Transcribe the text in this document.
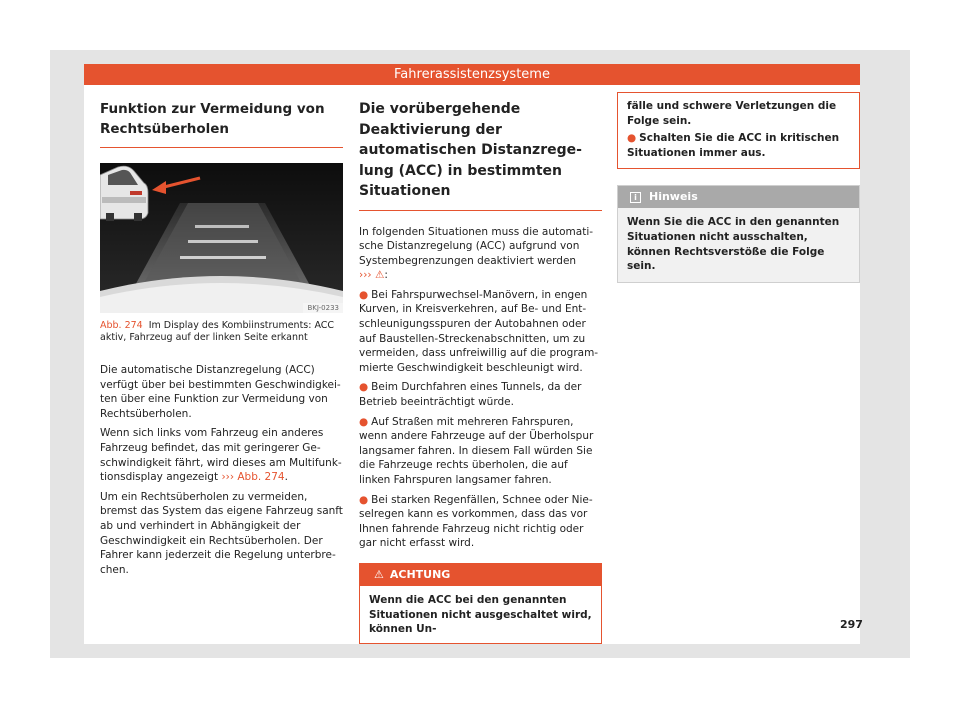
Fahrerassistenzsysteme
Funktion zur Vermeidung von Rechtsüberholen
BKJ-0233
Abb. 274 Im Display des Kombiinstruments: ACC aktiv, Fahrzeug auf der linken Seite erkannt

Die automatische Distanzregelung (ACC) verfügt über bei bestimmten Geschwindigkeiten über eine Funktion zur Vermeidung von Rechtsüberholen.

Wenn sich links vom Fahrzeug ein anderes Fahrzeug befindet, das mit geringerer Geschwindigkeit fährt, wird dieses am Multifunktionsdisplay angezeigt ››› Abb. 274.

Um ein Rechtsüberholen zu vermeiden, bremst das System das eigene Fahrzeug sanft ab und verhindert in Abhängigkeit der Geschwindigkeit ein Rechtsüberholen. Der Fahrer kann jederzeit die Regelung unterbrechen.

Die vorübergehende Deaktivierung der automatischen Distanzregelung (ACC) in bestimmten Situationen

In folgenden Situationen muss die automatische Distanzregelung (ACC) aufgrund von Systembegrenzungen deaktiviert werden
››› ⚠:

● Bei Fahrspurwechsel-Manövern, in engen Kurven, in Kreisverkehren, auf Be- und Entschleunigungsspuren der Autobahnen oder auf Baustellen-Streckenabschnitten, um zu vermeiden, dass unfreiwillig auf die programmierte Geschwindigkeit beschleunigt wird.

● Beim Durchfahren eines Tunnels, da der Betrieb beeinträchtigt würde.

● Auf Straßen mit mehreren Fahrspuren, wenn andere Fahrzeuge auf der Überholspur langsamer fahren. In diesem Fall würden Sie die Fahrzeuge rechts überholen, die auf linken Fahrspuren langsamer fahren.

● Bei starken Regenfällen, Schnee oder Nieselregen kann es vorkommen, dass das vor Ihnen fahrende Fahrzeug nicht richtig oder gar nicht erfasst wird.

⚠ ACHTUNG
Wenn die ACC bei den genannten Situationen nicht ausgeschaltet wird, können Un-
fälle und schwere Verletzungen die Folge sein.
● Schalten Sie die ACC in kritischen Situationen immer aus.
i Hinweis
Wenn Sie die ACC in den genannten Situationen nicht ausschalten, können Rechtsverstöße die Folge sein.
297
